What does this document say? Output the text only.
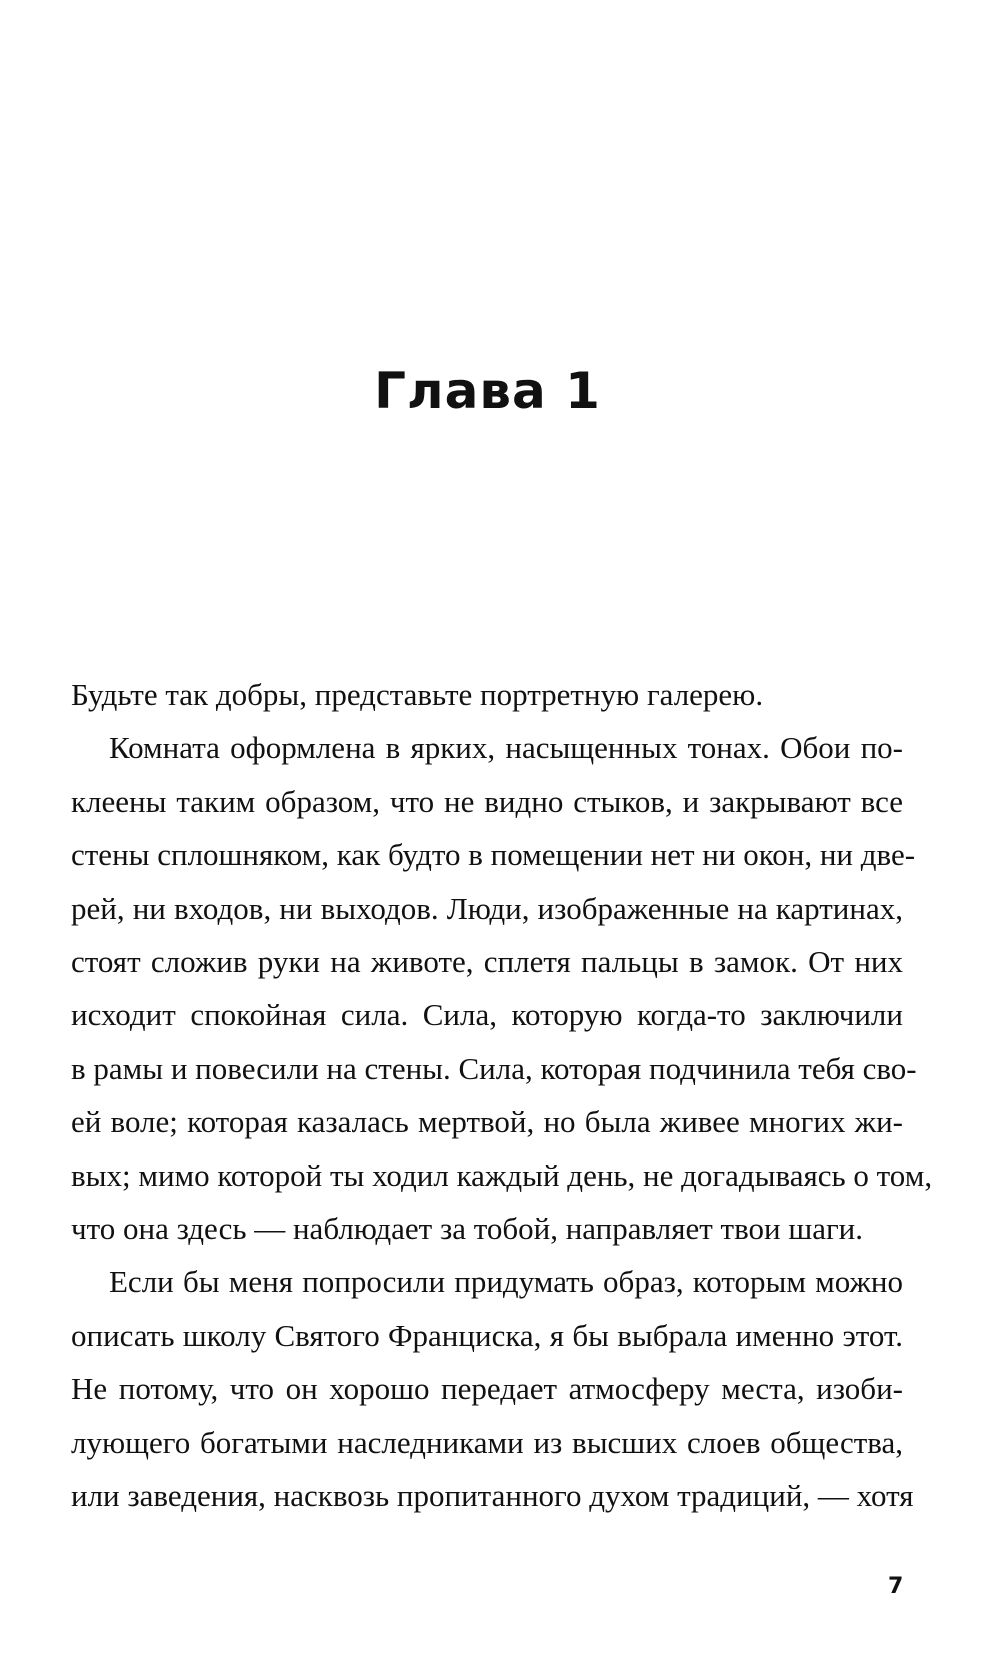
Глава 1
Будьте так добры, представьте портретную галерею.
Комната оформлена в ярких, насыщенных тонах. Обои по-
клеены таким образом, что не видно стыков, и закрывают все
стены сплошняком, как будто в помещении нет ни окон, ни две-
рей, ни входов, ни выходов. Люди, изображенные на картинах,
стоят сложив руки на животе, сплетя пальцы в замок. От них
исходит спокойная сила. Сила, которую когда-то заключили
в рамы и повесили на стены. Сила, которая подчинила тебя сво-
ей воле; которая казалась мертвой, но была живее многих жи-
вых; мимо которой ты ходил каждый день, не догадываясь о том,
что она здесь — наблюдает за тобой, направляет твои шаги.
Если бы меня попросили придумать образ, которым можно
описать школу Святого Франциска, я бы выбрала именно этот.
Не потому, что он хорошо передает атмосферу места, изоби-
лующего богатыми наследниками из высших слоев общества,
или заведения, насквозь пропитанного духом традиций, — хотя
7
